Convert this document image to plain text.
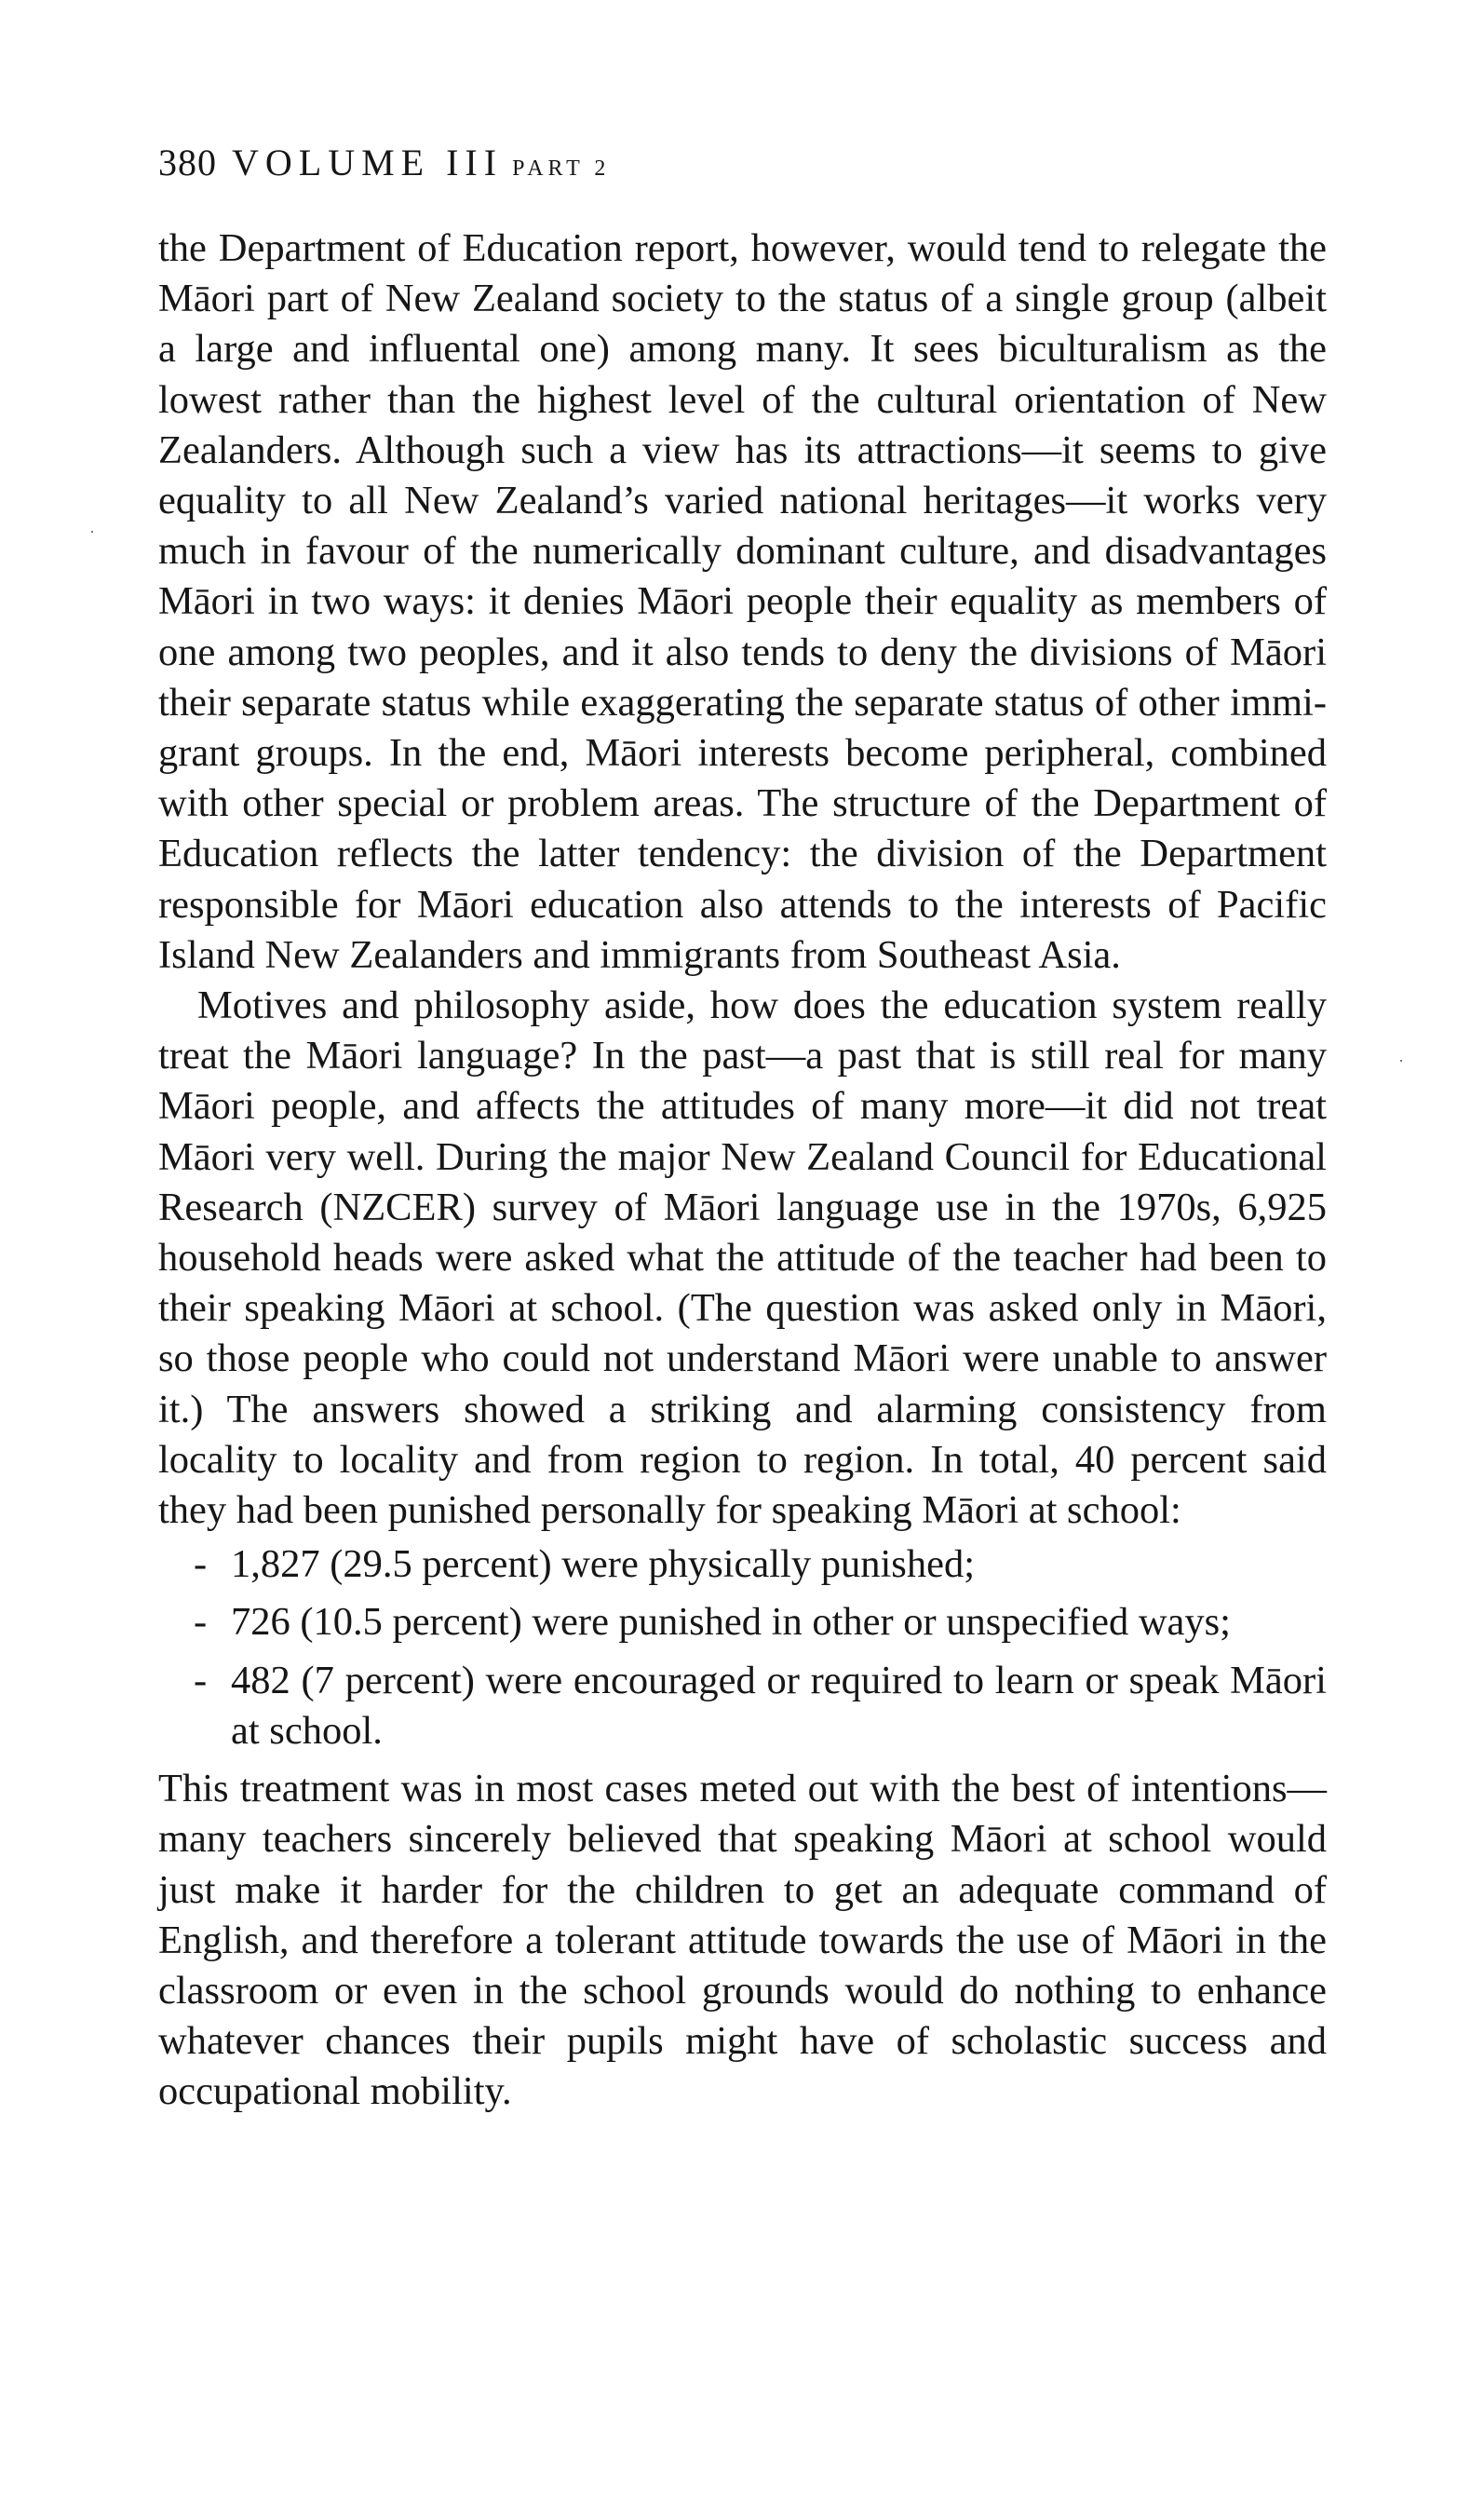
380 VOLUME III PART 2

the Department of Education report, however, would tend to relegate the Māori part of New Zealand society to the status of a single group (albeit a large and influental one) among many. It sees biculturalism as the lowest rather than the highest level of the cultural orientation of New Zealanders. Although such a view has its attractions—it seems to give equality to all New Zealand’s varied national heritages—it works very much in favour of the numerically dominant culture, and disadvantages Māori in two ways: it denies Māori people their equality as members of one among two peoples, and it also tends to deny the divisions of Māori their separate status while exaggerating the separate status of other immigrant groups. In the end, Māori interests become peripheral, combined with other special or problem areas. The structure of the Department of Education reflects the latter tendency: the division of the Department responsible for Māori education also attends to the interests of Pacific Island New Zealanders and immigrants from Southeast Asia.

Motives and philosophy aside, how does the education system really treat the Māori language? In the past—a past that is still real for many Māori people, and affects the attitudes of many more—it did not treat Māori very well. During the major New Zealand Council for Educational Research (NZCER) survey of Māori language use in the 1970s, 6,925 household heads were asked what the attitude of the teacher had been to their speaking Māori at school. (The question was asked only in Māori, so those people who could not understand Māori were unable to answer it.) The answers showed a striking and alarming consistency from locality to locality and from region to region. In total, 40 percent said they had been punished personally for speaking Māori at school:

- 1,827 (29.5 percent) were physically punished;
- 726 (10.5 percent) were punished in other or unspecified ways;
- 482 (7 percent) were encouraged or required to learn or speak Māori at school.

This treatment was in most cases meted out with the best of intentions—many teachers sincerely believed that speaking Māori at school would just make it harder for the children to get an adequate command of English, and therefore a tolerant attitude towards the use of Māori in the classroom or even in the school grounds would do nothing to enhance whatever chances their pupils might have of scholastic success and occupational mobility.
